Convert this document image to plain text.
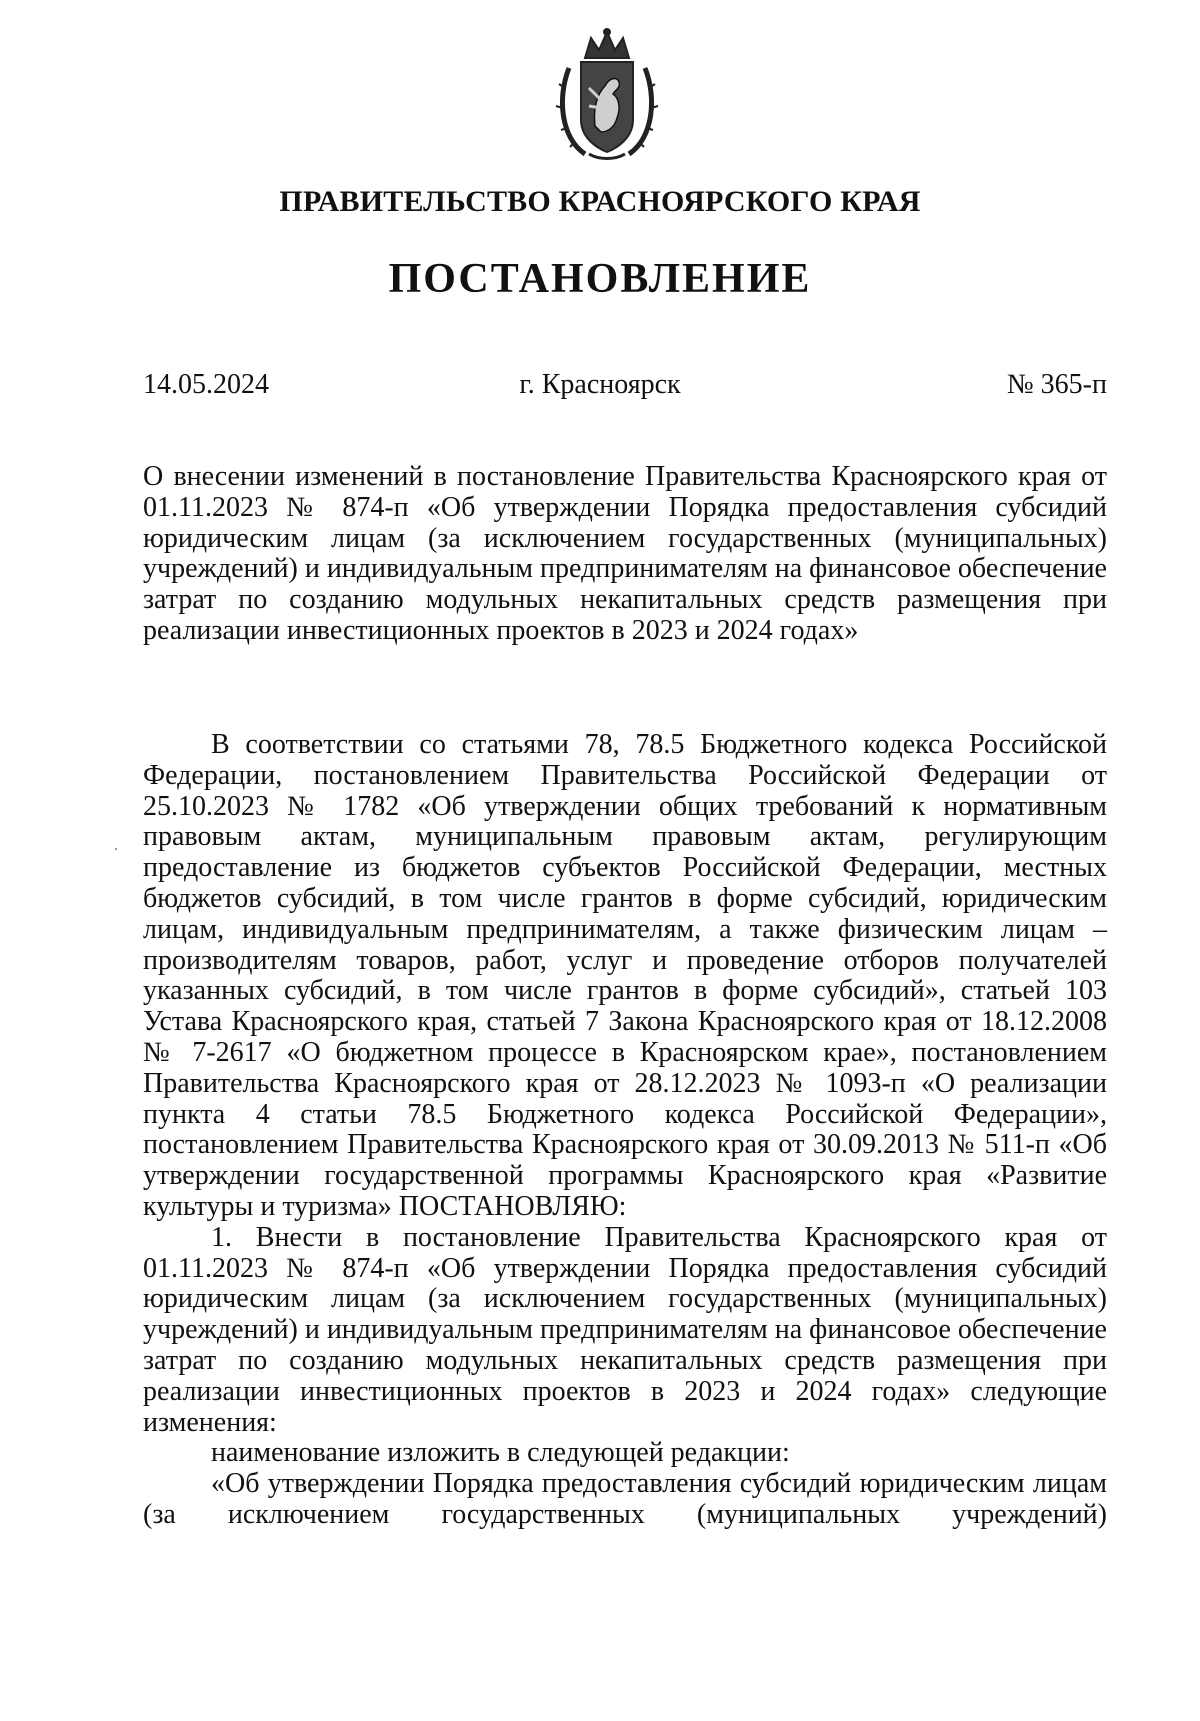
ПРАВИТЕЛЬСТВО КРАСНОЯРСКОГО КРАЯ
ПОСТАНОВЛЕНИЕ
14.05.2024	г. Красноярск	№ 365-п

О внесении изменений в постановление Правительства Красноярского края от 01.11.2023 № 874-п «Об утверждении Порядка предоставления субсидий юридическим лицам (за исключением государственных (муниципальных) учреждений) и индивидуальным предпринимателям на финансовое обеспечение затрат по созданию модульных некапитальных средств размещения при реализации инвестиционных проектов в 2023 и 2024 годах»

В соответствии со статьями 78, 78.5 Бюджетного кодекса Российской Федерации, постановлением Правительства Российской Федерации от 25.10.2023 № 1782 «Об утверждении общих требований к нормативным правовым актам, муниципальным правовым актам, регулирующим предоставление из бюджетов субъектов Российской Федерации, местных бюджетов субсидий, в том числе грантов в форме субсидий, юридическим лицам, индивидуальным предпринимателям, а также физическим лицам – производителям товаров, работ, услуг и проведение отборов получателей указанных субсидий, в том числе грантов в форме субсидий», статьей 103 Устава Красноярского края, статьей 7 Закона Красноярского края от 18.12.2008 № 7-2617 «О бюджетном процессе в Красноярском крае», постановлением Правительства Красноярского края от 28.12.2023 № 1093-п «О реализации пункта 4 статьи 78.5 Бюджетного кодекса Российской Федерации», постановлением Правительства Красноярского края от 30.09.2013 № 511-п «Об утверждении государственной программы Красноярского края «Развитие культуры и туризма» ПОСТАНОВЛЯЮ:

1. Внести в постановление Правительства Красноярского края от 01.11.2023 № 874-п «Об утверждении Порядка предоставления субсидий юридическим лицам (за исключением государственных (муниципальных) учреждений) и индивидуальным предпринимателям на финансовое обеспечение затрат по созданию модульных некапитальных средств размещения при реализации инвестиционных проектов в 2023 и 2024 годах» следующие изменения:

наименование изложить в следующей редакции:

«Об утверждении Порядка предоставления субсидий юридическим лицам (за исключением государственных (муниципальных учреждений)
